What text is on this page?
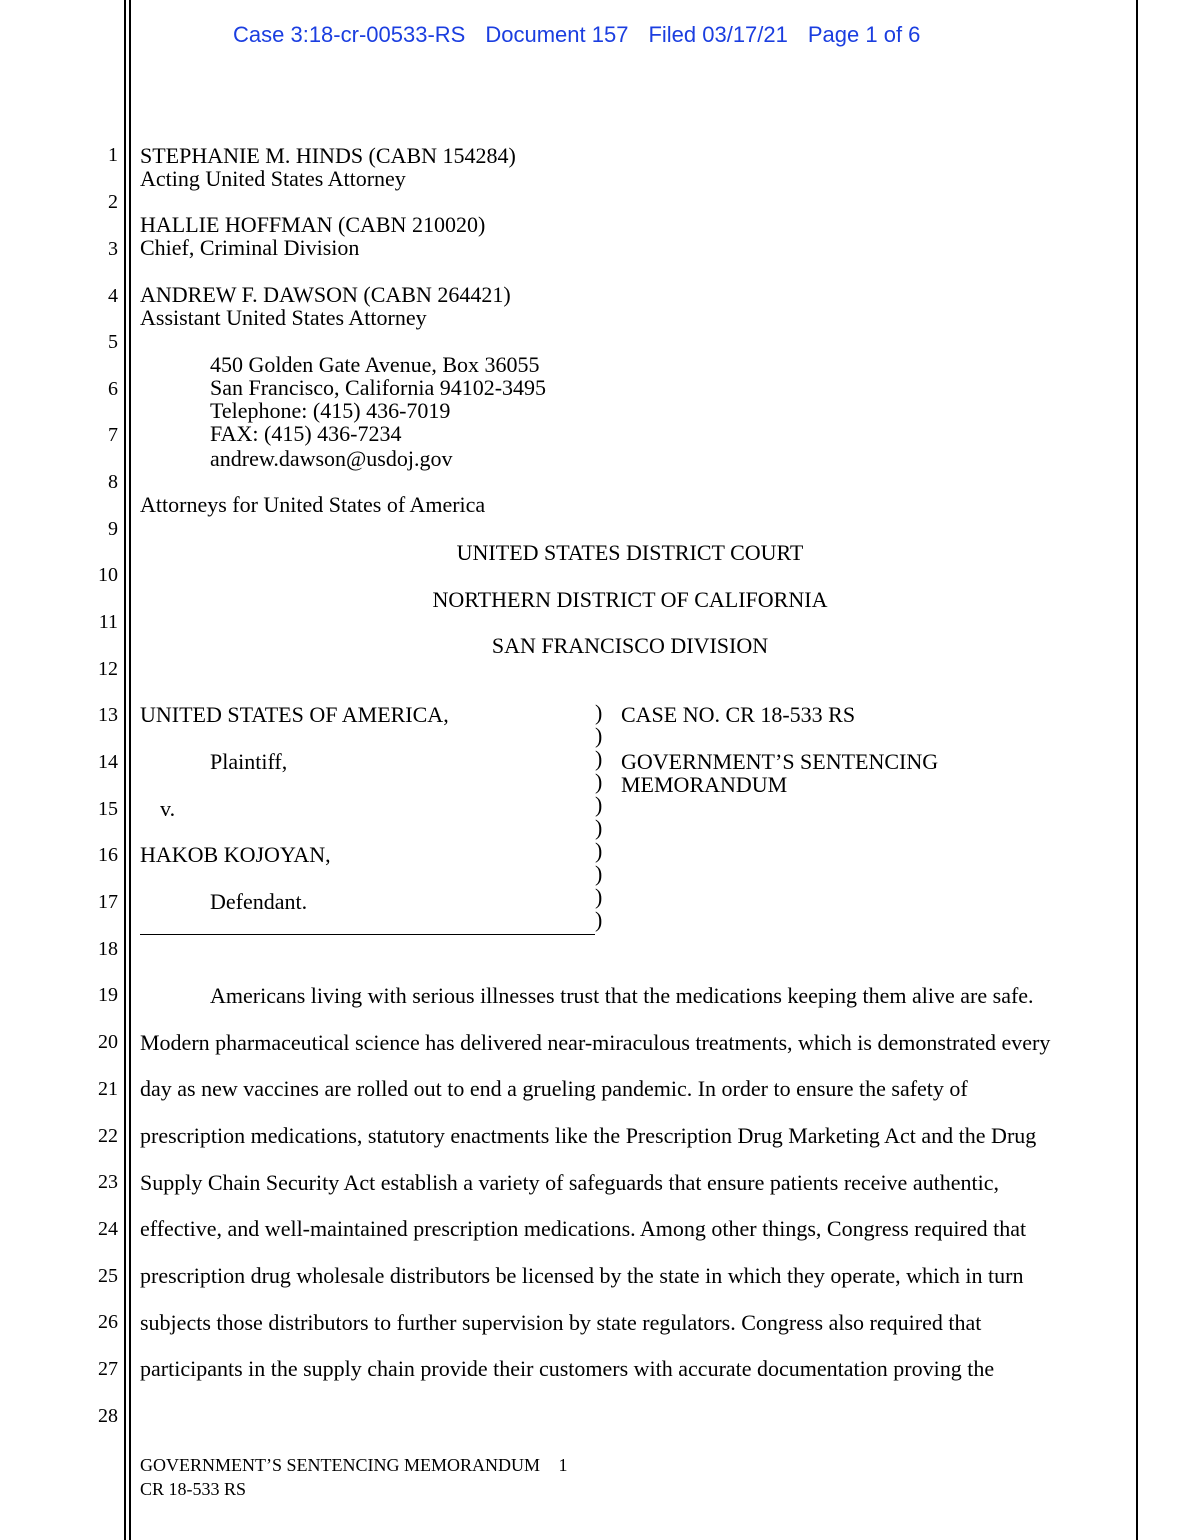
Case 3:18-cr-00533-RS Document 157 Filed 03/17/21 Page 1 of 6
1
2
3
4
5
6
7
8
9
10
11
12
13
14
15
16
17
18
19
20
21
22
23
24
25
26
27
28
STEPHANIE M. HINDS (CABN 154284)
Acting United States Attorney
HALLIE HOFFMAN (CABN 210020)
Chief, Criminal Division
ANDREW F. DAWSON (CABN 264421)
Assistant United States Attorney
450 Golden Gate Avenue, Box 36055
San Francisco, California 94102-3495
Telephone: (415) 436-7019
FAX: (415) 436-7234
andrew.dawson@usdoj.gov
Attorneys for United States of America
UNITED STATES DISTRICT COURT
NORTHERN DISTRICT OF CALIFORNIA
SAN FRANCISCO DIVISION
UNITED STATES OF AMERICA,
Plaintiff,
v.
HAKOB KOJOYAN,
Defendant.
)
)
)
)
)
)
)
)
)
)
CASE NO. CR 18-533 RS
GOVERNMENT’S SENTENCING
MEMORANDUM
Americans living with serious illnesses trust that the medications keeping them alive are safe.
Modern pharmaceutical science has delivered near-miraculous treatments, which is demonstrated every
day as new vaccines are rolled out to end a grueling pandemic. In order to ensure the safety of
prescription medications, statutory enactments like the Prescription Drug Marketing Act and the Drug
Supply Chain Security Act establish a variety of safeguards that ensure patients receive authentic,
effective, and well-maintained prescription medications. Among other things, Congress required that
prescription drug wholesale distributors be licensed by the state in which they operate, which in turn
subjects those distributors to further supervision by state regulators. Congress also required that
participants in the supply chain provide their customers with accurate documentation proving the
GOVERNMENT’S SENTENCING MEMORANDUM 1
CR 18-533 RS
